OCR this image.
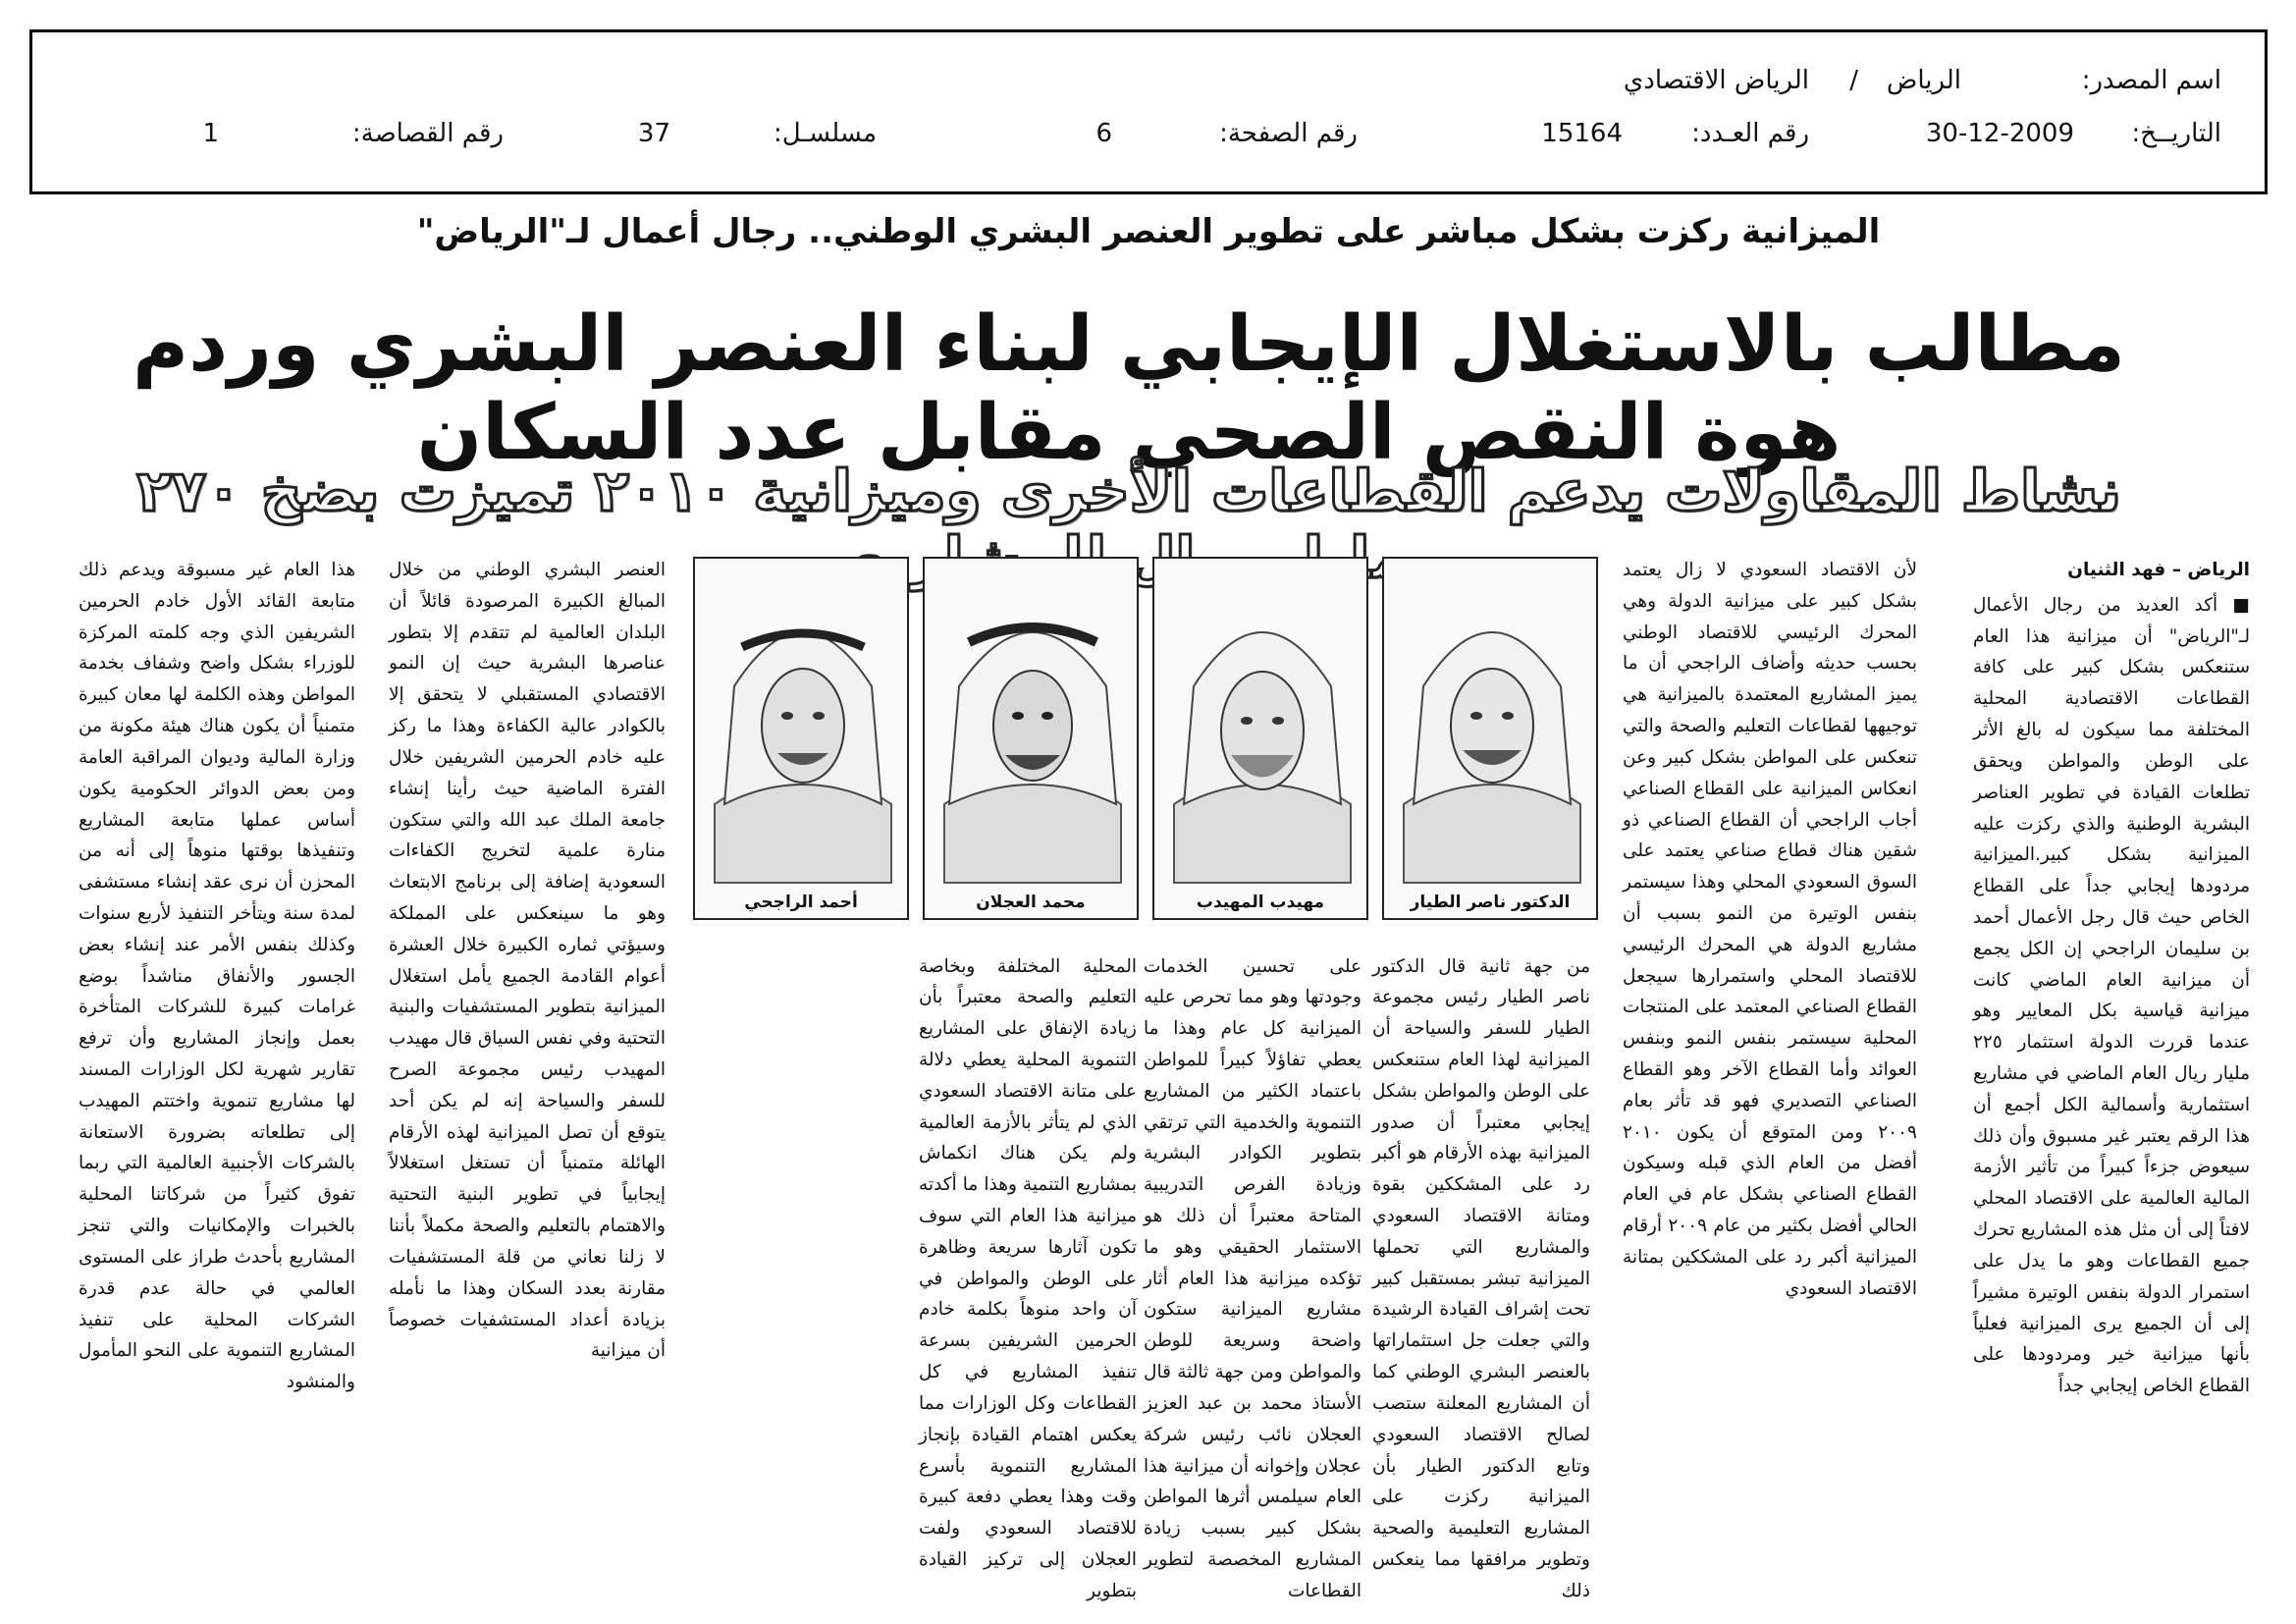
اسم المصدر:
الرياض
/
الرياض الاقتصادي
التاريــخ:
30-12-2009
رقم العـدد:
15164
رقم الصفحة:
6
مسلسـل:
37
رقم القصاصة:
1
الميزانية ركزت بشكل مباشر على تطوير العنصر البشري الوطني.. رجال أعمال لـ"الرياض"
مطالب بالاستغلال الإيجابي لبناء العنصر البشري وردم هوة النقص الصحي مقابل عدد السكان
نشاط المقاولات يدعم القطاعات الأخرى وميزانية ٢٠١٠ تميزت بضخ ٢٧٠

الرياض – فهد الثنيان

■ أكد العديد من رجال الأعمال لـ"الرياض" أن ميزانية هذا العام ستنعكس بشكل كبير على كافة القطاعات الاقتصادية المحلية المختلفة مما سيكون له بالغ الأثر على الوطن والمواطن ويحقق تطلعات القيادة في تطوير العناصر البشرية الوطنية والذي ركزت عليه الميزانية بشكل كبير.الميزانية مردودها إيجابي جداً على القطاع الخاص حيث قال رجل الأعمال أحمد بن سليمان الراجحي إن الكل يجمع أن ميزانية العام الماضي كانت ميزانية قياسية بكل المعايير وهو عندما قررت الدولة استثمار ٢٢٥ مليار ريال العام الماضي في مشاريع استثمارية وأسمالية الكل أجمع أن هذا الرقم يعتبر غير مسبوق وأن ذلك سيعوض جزءاً كبيراً من تأثير الأزمة المالية العالمية على الاقتصاد المحلي لافتاً إلى أن مثل هذه المشاريع تحرك جميع القطاعات وهو ما يدل على استمرار الدولة بنفس الوتيرة مشيراً إلى أن الجميع يرى الميزانية فعلياً بأنها ميزانية خير ومردودها على القطاع الخاص إيجابي جداً

لأن الاقتصاد السعودي لا زال يعتمد بشكل كبير على ميزانية الدولة وهي المحرك الرئيسي للاقتصاد الوطني بحسب حديثه وأضاف الراجحي أن ما يميز المشاريع المعتمدة بالميزانية هي توجيهها لقطاعات التعليم والصحة والتي تنعكس على المواطن بشكل كبير وعن انعكاس الميزانية على القطاع الصناعي أجاب الراجحي أن القطاع الصناعي ذو شقين هناك قطاع صناعي يعتمد على السوق السعودي المحلي وهذا سيستمر بنفس الوتيرة من النمو بسبب أن مشاريع الدولة هي المحرك الرئيسي للاقتصاد المحلي واستمرارها سيجعل القطاع الصناعي المعتمد على المنتجات المحلية سيستمر بنفس النمو وبنفس العوائد وأما القطاع الآخر وهو القطاع الصناعي التصديري فهو قد تأثر بعام ٢٠٠٩ ومن المتوقع أن يكون ٢٠١٠ أفضل من العام الذي قبله وسيكون القطاع الصناعي بشكل عام في العام الحالي أفضل بكثير من عام ٢٠٠٩ أرقام الميزانية أكبر رد على المشككين بمتانة الاقتصاد السعودي

الدكتور ناصر الطيار
مهيدب المهيدب
محمد العجلان
أحمد الراجحي

من جهة ثانية قال الدكتور ناصر الطيار رئيس مجموعة الطيار للسفر والسياحة أن الميزانية لهذا العام ستنعكس على الوطن والمواطن بشكل إيجابي معتبراً أن صدور الميزانية بهذه الأرقام هو أكبر رد على المشككين بقوة ومتانة الاقتصاد السعودي والمشاريع التي تحملها الميزانية تبشر بمستقبل كبير تحت إشراف القيادة الرشيدة والتي جعلت جل استثماراتها بالعنصر البشري الوطني كما أن المشاريع المعلنة ستصب لصالح الاقتصاد السعودي وتابع الدكتور الطيار بأن الميزانية ركزت على المشاريع التعليمية والصحية وتطوير مرافقها مما ينعكس ذلك

على تحسين الخدمات وجودتها وهو مما تحرص عليه الميزانية كل عام وهذا ما يعطي تفاؤلاً كبيراً للمواطن باعتماد الكثير من المشاريع التنموية والخدمية التي ترتقي بتطوير الكوادر البشرية وزيادة الفرص التدريبية المتاحة معتبراً أن ذلك هو الاستثمار الحقيقي وهو ما تؤكده ميزانية هذا العام أثار مشاريع الميزانية ستكون واضحة وسريعة للوطن والمواطن ومن جهة ثالثة قال الأستاذ محمد بن عبد العزيز العجلان نائب رئيس شركة عجلان وإخوانه أن ميزانية هذا العام سيلمس أثرها المواطن بشكل كبير بسبب زيادة المشاريع المخصصة لتطوير القطاعات

المحلية المختلفة وبخاصة التعليم والصحة معتبراً بأن زيادة الإنفاق على المشاريع التنموية المحلية يعطي دلالة على متانة الاقتصاد السعودي الذي لم يتأثر بالأزمة العالمية ولم يكن هناك انكماش بمشاريع التنمية وهذا ما أكدته ميزانية هذا العام التي سوف تكون آثارها سريعة وظاهرة على الوطن والمواطن في آن واحد منوهاً بكلمة خادم الحرمين الشريفين بسرعة تنفيذ المشاريع في كل القطاعات وكل الوزارات مما يعكس اهتمام القيادة بإنجاز المشاريع التنموية بأسرع وقت وهذا يعطي دفعة كبيرة للاقتصاد السعودي ولفت العجلان إلى تركيز القيادة بتطوير

العنصر البشري الوطني من خلال المبالغ الكبيرة المرصودة قائلاً أن البلدان العالمية لم تتقدم إلا بتطور عناصرها البشرية حيث إن النمو الاقتصادي المستقبلي لا يتحقق إلا بالكوادر عالية الكفاءة وهذا ما ركز عليه خادم الحرمين الشريفين خلال الفترة الماضية حيث رأينا إنشاء جامعة الملك عبد الله والتي ستكون منارة علمية لتخريج الكفاءات السعودية إضافة إلى برنامج الابتعاث وهو ما سينعكس على المملكة وسيؤتي ثماره الكبيرة خلال العشرة أعوام القادمة الجميع يأمل استغلال الميزانية بتطوير المستشفيات والبنية التحتية وفي نفس السياق قال مهيدب المهيدب رئيس مجموعة الصرح للسفر والسياحة إنه لم يكن أحد يتوقع أن تصل الميزانية لهذه الأرقام الهائلة متمنياً أن تستغل استغلالاً إيجابياً في تطوير البنية التحتية والاهتمام بالتعليم والصحة مكملاً بأننا لا زلنا نعاني من قلة المستشفيات مقارنة بعدد السكان وهذا ما نأمله بزيادة أعداد المستشفيات خصوصاً أن ميزانية

هذا العام غير مسبوقة ويدعم ذلك متابعة القائد الأول خادم الحرمين الشريفين الذي وجه كلمته المركزة للوزراء بشكل واضح وشفاف بخدمة المواطن وهذه الكلمة لها معان كبيرة متمنياً أن يكون هناك هيئة مكونة من وزارة المالية وديوان المراقبة العامة ومن بعض الدوائر الحكومية يكون أساس عملها متابعة المشاريع وتنفيذها بوقتها منوهاً إلى أنه من المحزن أن نرى عقد إنشاء مستشفى لمدة سنة ويتأخر التنفيذ لأربع سنوات وكذلك بنفس الأمر عند إنشاء بعض الجسور والأنفاق مناشداً بوضع غرامات كبيرة للشركات المتأخرة بعمل وإنجاز المشاريع وأن ترفع تقارير شهرية لكل الوزارات المسند لها مشاريع تنموية واختتم المهيدب إلى تطلعاته بضرورة الاستعانة بالشركات الأجنبية العالمية التي ربما تفوق كثيراً من شركاتنا المحلية بالخبرات والإمكانيات والتي تنجز المشاريع بأحدث طراز على المستوى العالمي في حالة عدم قدرة الشركات المحلية على تنفيذ المشاريع التنموية على النحو المأمول والمنشود
